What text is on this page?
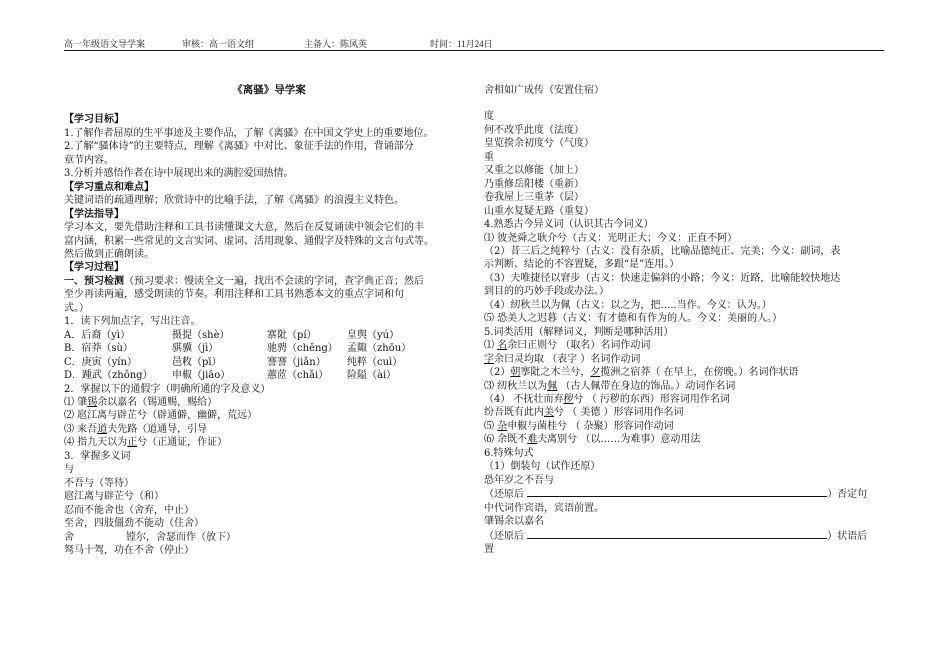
高一年级语文导学案	审核：高一语文组	主备人：陈风英	时间：11月24日
《离骚》导学案
【学习目标】
1.了解作者屈原的生平事迹及主要作品，了解《离骚》在中国文学史上的重要地位。
2.了解“骚体诗”的主要特点，理解《离骚》中对比、象征手法的作用，背诵部分
章节内容。
3.分析并感悟作者在诗中展现出来的满腔爱国热情。
【学习重点和难点】
关键词语的疏通理解；欣赏诗中的比喻手法，了解《离骚》的浪漫主义特色。
【学法指导】
学习本文，要先借助注释和工具书读懂课文大意，然后在反复诵读中领会它们的丰
富内涵，积累一些常见的文言实词、虚词、活用现象、通假字及特殊的文言句式等。
然后做到正确朗读。
【学习过程】
一、预习检测（预习要求：慢读全文一遍，找出不会读的字词，查字典正音；然后
至少再读两遍，感受朗读的节奏。利用注释和工具书熟悉本文的重点字词和句
式。）
1．读下列加点字，写出注音。
A．后裔（yì）	摄提（shè）	寨阰（pí）	皇舆（yú）
B．宿莽（sù）	骐骥（jì）	驰骋（chěng） 孟陬（zhōu）
C．庚寅（yín）	邑敉（pī）	謇謇（jiǎn） 纯粹（cuì）
D．踵武（zhǒng） 申椒（jiāo）	蕙茝（chǎi） 险隘（ài）
2．掌握以下的通假字（明确所通的字及意义）
⑴ 肇锡余以嘉名（锡通赐，赐给）
⑵ 扈江离与辟芷兮（辟通僻，幽僻，荒远）
⑶ 来吾道夫先路（道通导，引导
⑷ 指九天以为正兮（正通证，作证）
3．掌握多义词
与
不吾与（等待）
扈江离与辟芷兮（和）
忍而不能舍也（舍弃，中止）
至舍，四肢僵劲不能动（住舍）
舍	镗尔，舍瑟而作（放下）
驽马十驾，功在不舍（停止）
舍相如广成传（安置住宿）
度
何不改乎此度（法度）
皇览揆余初度兮（气度）
重
又重之以修能（加上）
乃重修岳阳楼（重新）
卷我屋上三重茅（层）
山重水复疑无路（重复）
4.熟悉古今异义词（认识其古今词义）
⑴ 彼尧舜之耿介兮（古义：光明正大；今义：正直不阿）
（2）昔三后之纯粹兮（古义：没有杂质，比喻品德纯正、完美；今义：副词，表
示判断、结论的不容置疑，多跟“是”连用。）
（3）夫唯捷径以窘步（古义：快速走偏斜的小路；今义：近路，比喻能较快地达
到目的的巧妙手段或办法。）
（4）纫秋兰以为佩（古义：以之为，把…..当作。今义：认为。）
⑸ 恐美人之迟暮（古义：有才德和有作为的人。今义：美丽的人。）
5.词类活用（解释词义，判断是哪种活用）
⑴ 名余曰正则兮 （取名）名词作动词
字余曰灵均取 （表字 ）名词作动词
（2）朝搴阰之木兰兮，夕揽洲之宿莽（ 在早上，在傍晚。）名词作状语
⑶ 纫秋兰以为佩 （古人佩带在身边的饰品。）动词作名词
（4） 不抚壮而弃秽兮 （ 污秽的东西）形容词用作名词
纷吾既有此内美兮 （ 美德 ）形容词用作名词
⑸ 杂申椒与菌桂兮 （ 杂聚）形容词作动词
⑹ 余既不难夫离别兮 （以……为难事）意动用法
6.特殊句式
（1）倒装句（试作还原）
恐年岁之不吾与
（还原后	）否定句
中代词作宾语，宾语前置。
肇锡余以嘉名
（还原后	）状语后
置
